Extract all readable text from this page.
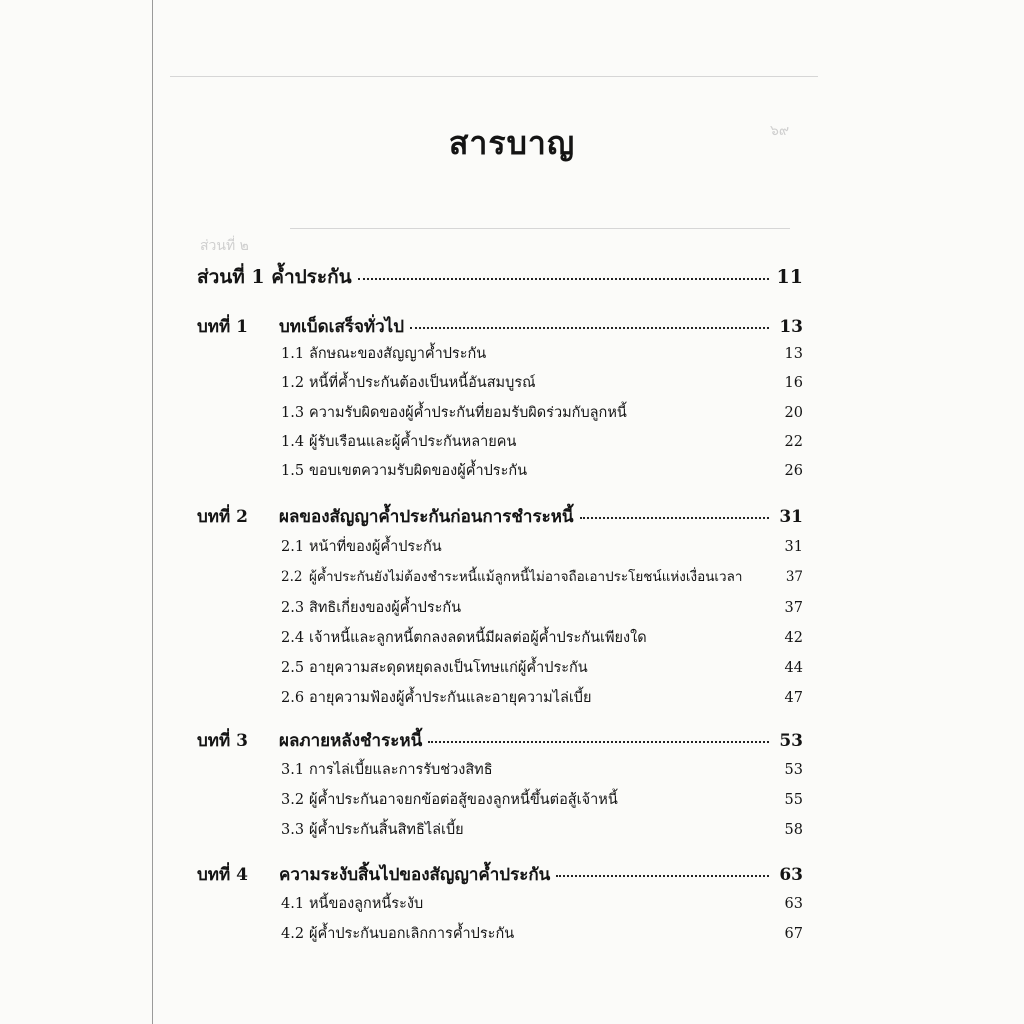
๖๙
ส่วนที่ ๒
สารบาญ
ส่วนที่ 1 ค้ำประกัน	11
บทที่ 1	บทเบ็ดเสร็จทั่วไป	13
1.1 ลักษณะของสัญญาค้ำประกัน	13
1.2 หนี้ที่ค้ำประกันต้องเป็นหนี้อันสมบูรณ์	16
1.3 ความรับผิดของผู้ค้ำประกันที่ยอมรับผิดร่วมกับลูกหนี้	20
1.4 ผู้รับเรือนและผู้ค้ำประกันหลายคน	22
1.5 ขอบเขตความรับผิดของผู้ค้ำประกัน	26
บทที่ 2	ผลของสัญญาค้ำประกันก่อนการชำระหนี้	31
2.1 หน้าที่ของผู้ค้ำประกัน	31
2.2 ผู้ค้ำประกันยังไม่ต้องชำระหนี้แม้ลูกหนี้ไม่อาจถือเอาประโยชน์แห่งเงื่อนเวลา	37
2.3 สิทธิเกี่ยงของผู้ค้ำประกัน	37
2.4 เจ้าหนี้และลูกหนี้ตกลงลดหนี้มีผลต่อผู้ค้ำประกันเพียงใด	42
2.5 อายุความสะดุดหยุดลงเป็นโทษแก่ผู้ค้ำประกัน	44
2.6 อายุความฟ้องผู้ค้ำประกันและอายุความไล่เบี้ย	47
บทที่ 3	ผลภายหลังชำระหนี้	53
3.1 การไล่เบี้ยและการรับช่วงสิทธิ	53
3.2 ผู้ค้ำประกันอาจยกข้อต่อสู้ของลูกหนี้ขึ้นต่อสู้เจ้าหนี้	55
3.3 ผู้ค้ำประกันสิ้นสิทธิไล่เบี้ย	58
บทที่ 4	ความระงับสิ้นไปของสัญญาค้ำประกัน	63
4.1 หนี้ของลูกหนี้ระงับ	63
4.2 ผู้ค้ำประกันบอกเลิกการค้ำประกัน	67
